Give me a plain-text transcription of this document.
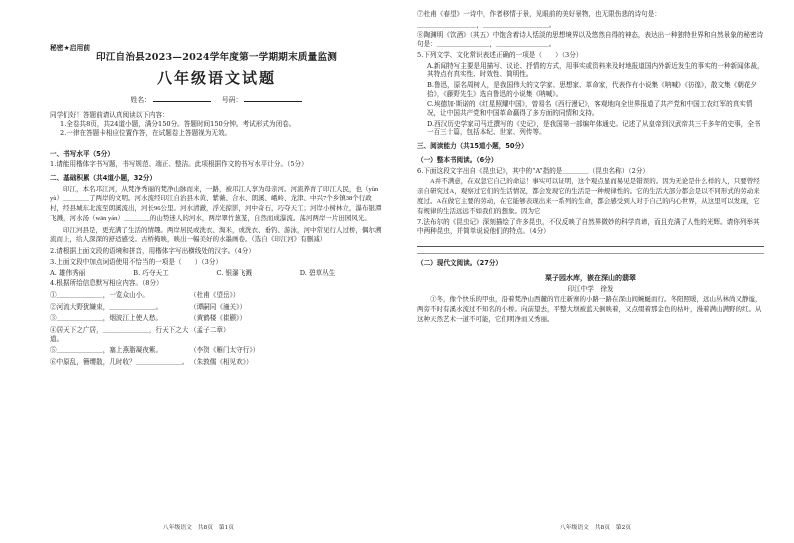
秘密★启用前
印江自治县2023—2024学年度第一学期期末质量监测
八年级语文试题
姓名：	号码：
同学们好！答题前请认真阅读以下内容：
1.全卷共8页，共24道小题，满分150分。答题时间150分钟。考试形式为闭卷。
2.一律在答题卡相应位置作答，在试题卷上答题视为无效。
一、书写水平（5分）
1.请能用楷体字书写题，书写规范、端正、整洁。此项根据作文的书写水平计分。（5分）
二、基础积累（共4道小题，32分）
印江，本名邛江河，从梵净秀丽的梵净山脉而来，一路，被邛江人享为母亲河。河流养育了印江人民，也（yùn yù）＿＿＿＿了两岸的文明。河水流经印江自治县木黄、紫薇、合水、朗溪、峨岭、龙津、中兴7个乡镇38个行政村，经县城东北流至朗溪流出，河长96公里。河水清澈，浮光掠影，河中奇石，巧夺天工；河岸小树林立，瀑布银潭飞溅，河水汤（wān yán）＿＿＿＿的山势迷人的河水，两岸翠竹葱茏，自然而成瀑流。荡河两岸一片田园风光。
印江河县是，更充满了生活的情趣。两岸居民或洗衣、淘米，或洗衣、垂钓、游泳，河中常见行人过桥，偶尔溯流而上，给人深深的舒适感受。古桥掩映，映出一幅美好的水墨画卷。（选自《印江河》有删减）
2.请根据上面文段的语境和拼音，用楷体字写出横线处的汉字。（4分）
3.上面文段中加点词语使用不恰当的一项是（　　）（3分）
A. 雄伟秀丽	B. 巧夺天工	C. 银瀑飞溅	D. 碧草丛生
4.根据所给信息默写相应内容。（8分）
①＿＿＿＿＿＿＿，一览众山小。	（杜甫《望岳》）
②河流大野犹嫌束，＿＿＿＿＿＿＿。	（谭嗣同《潼关》）
③＿＿＿＿＿＿＿，烟波江上使人愁。	（黄鹤楼《崔颢》）
④居天下之广居，＿＿＿＿＿＿＿，行天下之大道。
（孟子二章）
⑤＿＿＿＿＿＿＿，塞上燕脂凝夜紫。	（李贺《雁门太守行》）
⑥中原乱，簪缨散，几时收？＿＿＿＿＿＿＿。 （朱敦儒《相见欢》）
八年级语文　共8页　第1页
⑦杜甫《春望》一诗中，作者移情于景，见眼前的美好景物，也无限伤悲的诗句是：
＿＿＿＿＿＿＿＿＿，＿＿＿＿＿＿＿＿＿＿。
⑧陶渊明《饮酒》（其五）中饱含着诗人恬淡的思想境界以及悠然自得的神态，表达出一种独特世界和自然景象的秘密诗句是：＿＿＿＿＿＿＿＿，＿＿＿＿＿＿＿＿。
5.下列文学、文化常识表述正确的一项是（　　）（3分）
A.新闻特写主要是用描写、议论、抒情的方式，用事实或资料来及时地报道国内外新近发生的事实的一种新闻体裁，其特点有真实性、时效性、简明性。
B.鲁迅，原名周树人，是我国伟大的文学家、思想家、革命家，代表作有小说集《呐喊》《彷徨》，散文集《朝花夕拾》，《藤野先生》选自鲁迅的小说集《呐喊》。
C.埃德加·斯诺的《红星照耀中国》，曾易名《西行漫记》，客观地向全世界报道了共产党和中国工农红军的真实情况，让中国共产党和中国革命赢得了多方面的同情和支持。
D.西汉历史学家司马迁撰写的《史记》，是我国第一部编年体通史。记述了从皇帝到汉武帝共三千多年的史事，全书一百三十篇，包括本纪、世家、列传等。
三、阅读能力（共15道小题，50分）
（一）整本书阅读。（6分）
6.下面这段文字出自《昆虫记》，其中的“A”指的是＿＿＿＿（昆虫名称）（2分）
A并不满意，在双忽它自己的命运！事实可以证明，这个观点显而易见是错误的。因为无论是什么样的人，只要曾经亲自研究过A，观察过它们的生活情况，都会发现它的生活是一种规律性的。它的生活大部分都会是以不同形式的劳动来度过。A在做它主要的劳动，在它能够表现出来一系列的生命，都会感受到人对于自己的内心世界，从这里可以发现，它有规律的生活远远不如我们的想象。因为它
7.法布尔的《昆虫记》深刻描绘了许多昆虫，不仅反映了自然界微妙的科学真谛，而且充满了人性的光辉。请你列举其中两种昆虫，并简单说说他们的特点。（4分）
（二）现代文阅读。（27分）
栗子园水库，嵌在深山的翡翠
印江中学　徐发
①冬，像个快乐的甲虫，沿着梵净山西麓的官庄新寨的小路一路在深山间蜿蜒而行。冬阳照暖，远山丛林尚又静谧，两旁不时有溪水流过不知名的小桥。向前望去，平整大坝被蓝天倒映着，又点缀着那金色的枯叶，漫着满山满野的红。从这种天然艺术一道不可能，它们明净而又秀丽。
八年级语文　共8页　第2页
